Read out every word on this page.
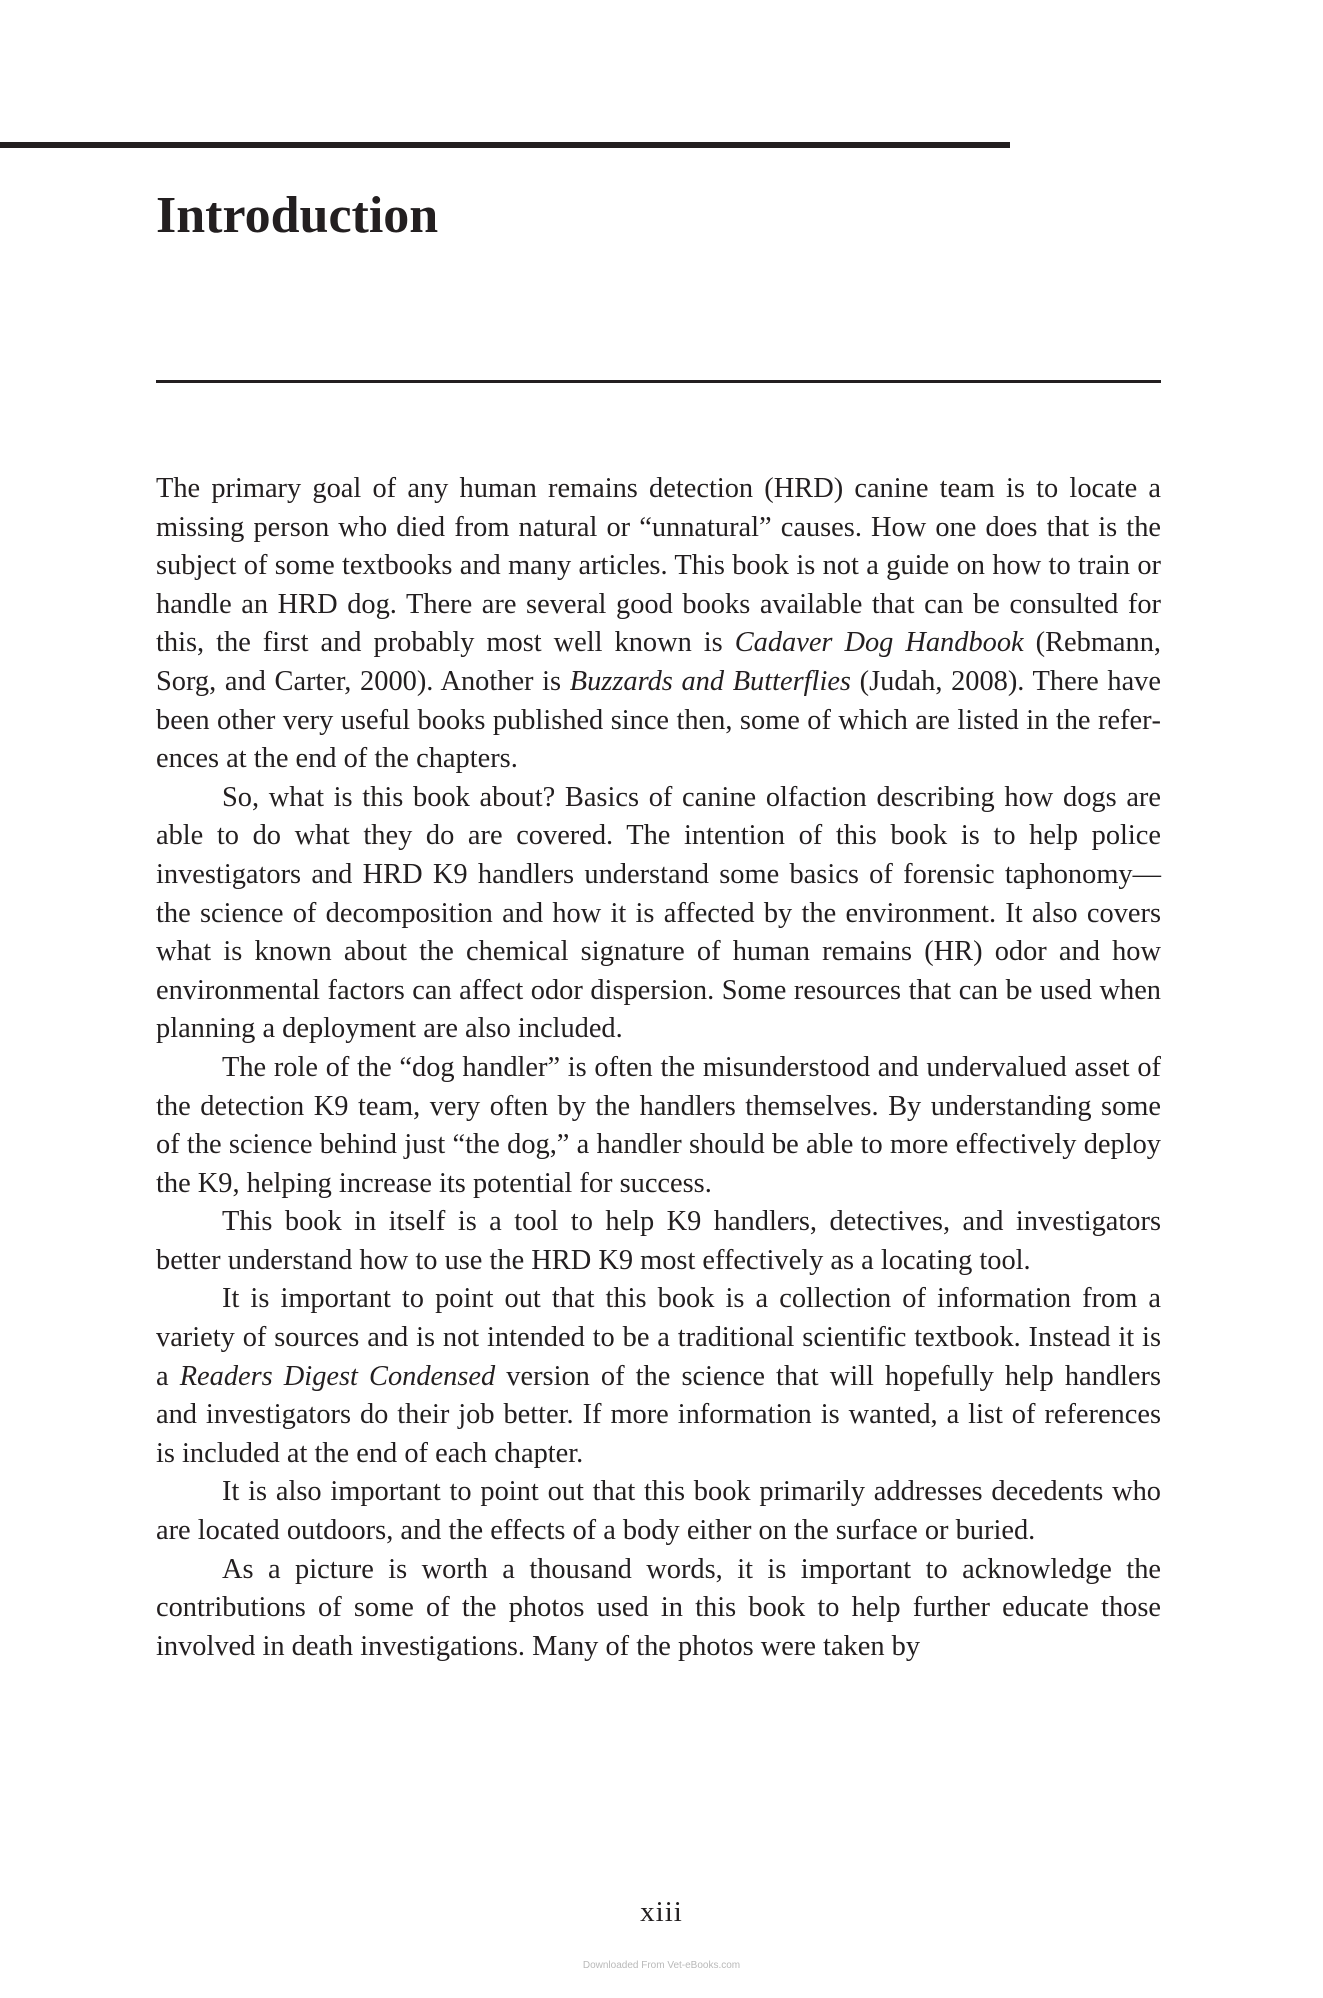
Introduction

The primary goal of any human remains detection (HRD) canine team is to locate a missing person who died from natural or “unnatural” causes. How one does that is the subject of some textbooks and many articles. This book is not a guide on how to train or handle an HRD dog. There are several good books available that can be consulted for this, the first and probably most well known is Cadaver Dog Handbook (Rebmann, Sorg, and Carter, 2000). Another is Buzzards and Butterflies (Judah, 2008). There have been other very useful books published since then, some of which are listed in the references at the end of the chapters.

So, what is this book about? Basics of canine olfaction describing how dogs are able to do what they do are covered. The intention of this book is to help police investigators and HRD K9 handlers understand some basics of forensic taphonomy—the science of decomposition and how it is affected by the environment. It also covers what is known about the chemical signature of human remains (HR) odor and how environmental factors can affect odor dispersion. Some resources that can be used when planning a deployment are also included.

The role of the “dog handler” is often the misunderstood and undervalued asset of the detection K9 team, very often by the handlers themselves. By understanding some of the science behind just “the dog,” a handler should be able to more effectively deploy the K9, helping increase its potential for success.

This book in itself is a tool to help K9 handlers, detectives, and investigators better understand how to use the HRD K9 most effectively as a locating tool.

It is important to point out that this book is a collection of information from a variety of sources and is not intended to be a traditional scientific textbook. Instead it is a Readers Digest Condensed version of the science that will hopefully help handlers and investigators do their job better. If more information is wanted, a list of references is included at the end of each chapter.

It is also important to point out that this book primarily addresses decedents who are located outdoors, and the effects of a body either on the surface or buried.

As a picture is worth a thousand words, it is important to acknowledge the contributions of some of the photos used in this book to help further educate those involved in death investigations. Many of the photos were taken by

xiii
Downloaded From Vet-eBooks.com
